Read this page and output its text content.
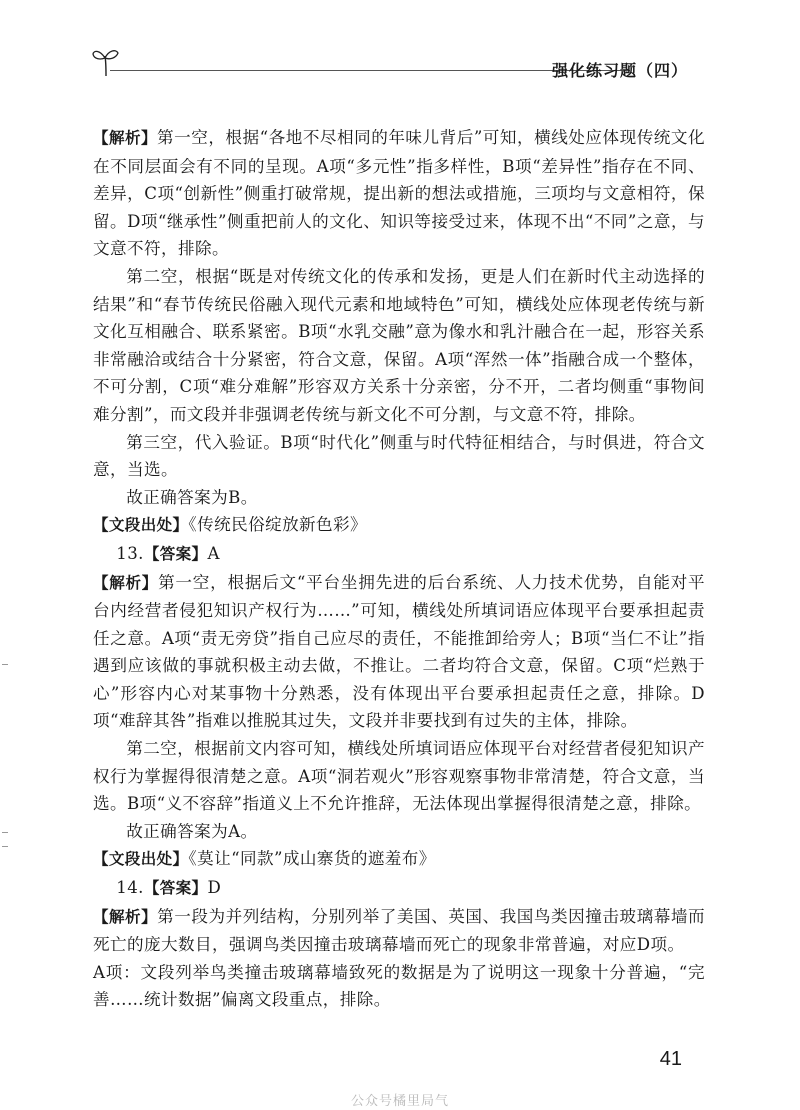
强化练习题（四）

【解析】第一空，根据“各地不尽相同的年味儿背后”可知，横线处应体现传统文化在不同层面会有不同的呈现。A项“多元性”指多样性，B项“差异性”指存在不同、差异，C项“创新性”侧重打破常规，提出新的想法或措施，三项均与文意相符，保留。D项“继承性”侧重把前人的文化、知识等接受过来，体现不出“不同”之意，与文意不符，排除。

第二空，根据“既是对传统文化的传承和发扬，更是人们在新时代主动选择的结果”和“春节传统民俗融入现代元素和地域特色”可知，横线处应体现老传统与新文化互相融合、联系紧密。B项“水乳交融”意为像水和乳汁融合在一起，形容关系非常融洽或结合十分紧密，符合文意，保留。A项“浑然一体”指融合成一个整体，不可分割，C项“难分难解”形容双方关系十分亲密，分不开，二者均侧重“事物间难分割”，而文段并非强调老传统与新文化不可分割，与文意不符，排除。

第三空，代入验证。B项“时代化”侧重与时代特征相结合，与时俱进，符合文意，当选。

故正确答案为B。

【文段出处】《传统民俗绽放新色彩》

13.【答案】A

【解析】第一空，根据后文“平台坐拥先进的后台系统、人力技术优势，自能对平台内经营者侵犯知识产权行为……”可知，横线处所填词语应体现平台要承担起责任之意。A项“责无旁贷”指自己应尽的责任，不能推卸给旁人；B项“当仁不让”指遇到应该做的事就积极主动去做，不推让。二者均符合文意，保留。C项“烂熟于心”形容内心对某事物十分熟悉，没有体现出平台要承担起责任之意，排除。D项“难辞其咎”指难以推脱其过失，文段并非要找到有过失的主体，排除。

第二空，根据前文内容可知，横线处所填词语应体现平台对经营者侵犯知识产权行为掌握得很清楚之意。A项“洞若观火”形容观察事物非常清楚，符合文意，当选。B项“义不容辞”指道义上不允许推辞，无法体现出掌握得很清楚之意，排除。

故正确答案为A。

【文段出处】《莫让“同款”成山寨货的遮羞布》

14.【答案】D

【解析】第一段为并列结构，分别列举了美国、英国、我国鸟类因撞击玻璃幕墙而死亡的庞大数目，强调鸟类因撞击玻璃幕墙而死亡的现象非常普遍，对应D项。

A项：文段列举鸟类撞击玻璃幕墙致死的数据是为了说明这一现象十分普遍，“完善……统计数据”偏离文段重点，排除。

41
公众号橘里局气
